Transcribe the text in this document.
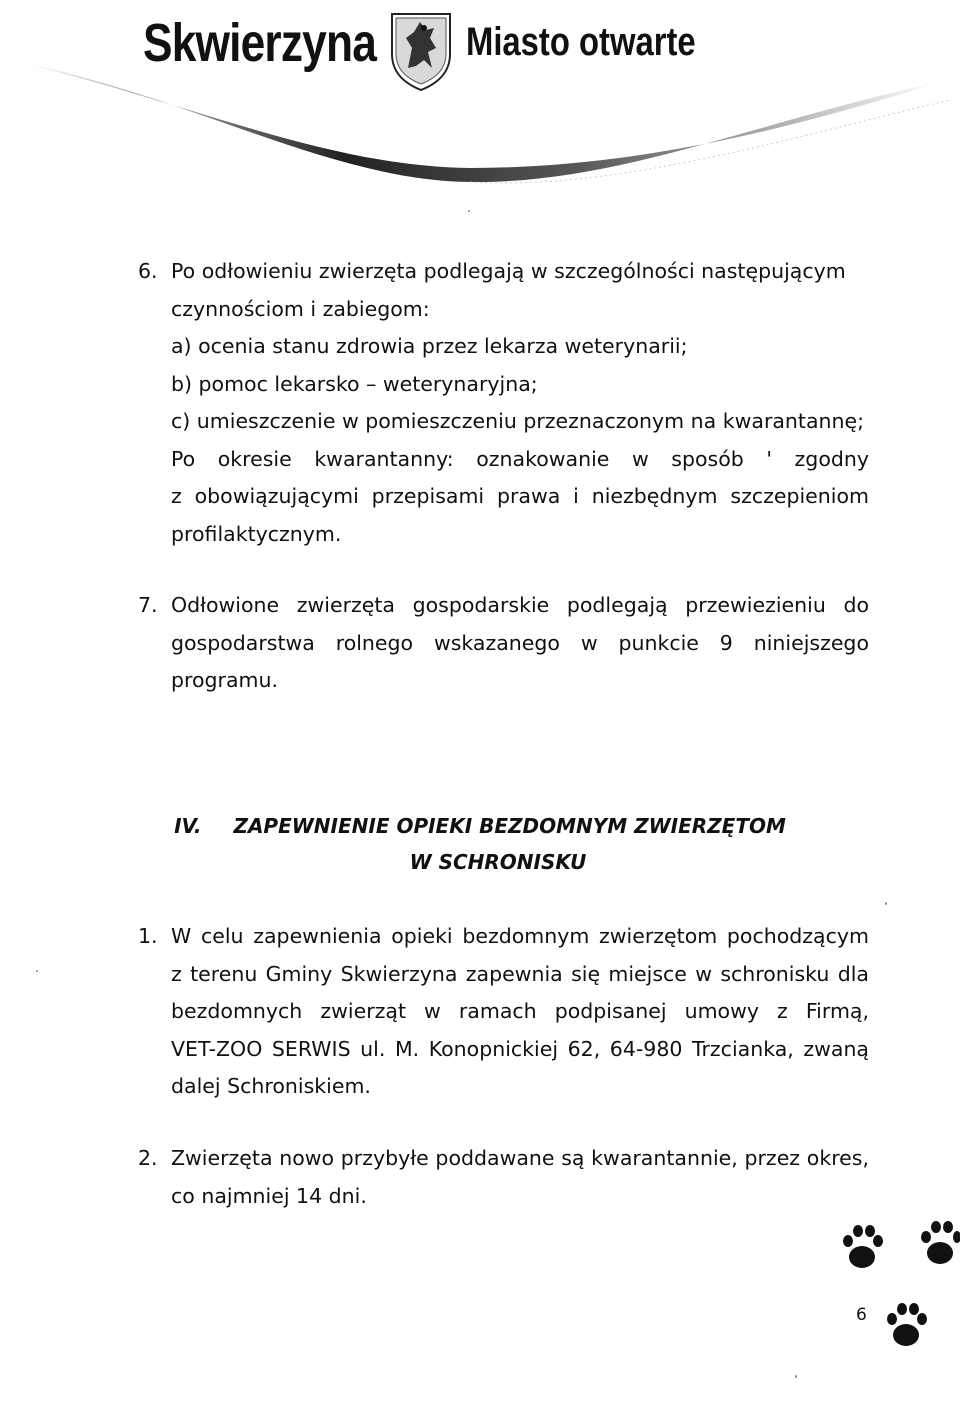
Skwierzyna Miasto otwarte
6. Po odłowieniu zwierzęta podlegają w szczególności następującym
czynnościom i zabiegom:
a) ocenia stanu zdrowia przez lekarza weterynarii;
b) pomoc lekarsko – weterynaryjna;
c) umieszczenie w pomieszczeniu przeznaczonym na kwarantannę;
Po okresie kwarantanny: oznakowanie w sposób ' zgodny
z obowiązującymi przepisami prawa i niezbędnym szczepieniom
profilaktycznym.
7. Odłowione zwierzęta gospodarskie podlegają przewiezieniu do
gospodarstwa rolnego wskazanego w punkcie 9 niniejszego
programu.
IV. ZAPEWNIENIE OPIEKI BEZDOMNYM ZWIERZĘTOM
W SCHRONISKU
1. W celu zapewnienia opieki bezdomnym zwierzętom pochodzącym
z terenu Gminy Skwierzyna zapewnia się miejsce w schronisku dla
bezdomnych zwierząt w ramach podpisanej umowy z Firmą,
VET-ZOO SERWIS ul. M. Konopnickiej 62, 64-980 Trzcianka, zwaną
dalej Schroniskiem.
2. Zwierzęta nowo przybyłe poddawane są kwarantannie, przez okres,
co najmniej 14 dni.
6
